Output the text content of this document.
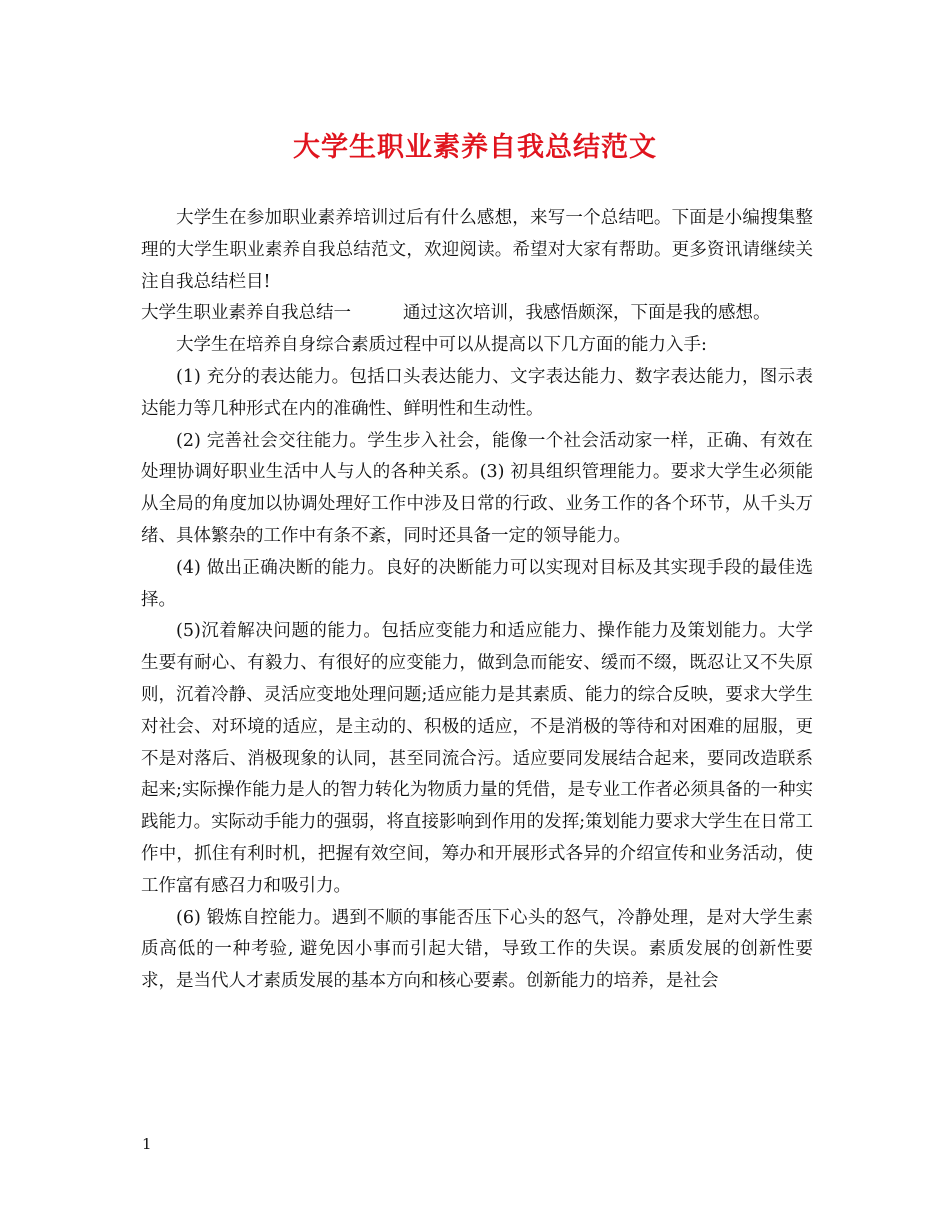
大学生职业素养自我总结范文

大学生在参加职业素养培训过后有什么感想，来写一个总结吧。下面是小编搜集整理的大学生职业素养自我总结范文，欢迎阅读。希望对大家有帮助。更多资讯请继续关注自我总结栏目!

大学生职业素养自我总结一	通过这次培训，我感悟颇深，下面是我的感想。

大学生在培养自身综合素质过程中可以从提高以下几方面的能力入手:

(1) 充分的表达能力。包括口头表达能力、文字表达能力、数字表达能力，图示表达能力等几种形式在内的准确性、鲜明性和生动性。

(2) 完善社会交往能力。学生步入社会，能像一个社会活动家一样，正确、有效在处理协调好职业生活中人与人的各种关系。(3) 初具组织管理能力。要求大学生必须能从全局的角度加以协调处理好工作中涉及日常的行政、业务工作的各个环节，从千头万绪、具体繁杂的工作中有条不紊，同时还具备一定的领导能力。

(4) 做出正确决断的能力。良好的决断能力可以实现对目标及其实现手段的最佳选择。

(5)沉着解决问题的能力。包括应变能力和适应能力、操作能力及策划能力。大学生要有耐心、有毅力、有很好的应变能力，做到急而能安、缓而不缀，既忍让又不失原则，沉着冷静、灵活应变地处理问题;适应能力是其素质、能力的综合反映，要求大学生对社会、对环境的适应，是主动的、积极的适应，不是消极的等待和对困难的屈服，更不是对落后、消极现象的认同，甚至同流合污。适应要同发展结合起来，要同改造联系起来;实际操作能力是人的智力转化为物质力量的凭借，是专业工作者必须具备的一种实践能力。实际动手能力的强弱，将直接影响到作用的发挥;策划能力要求大学生在日常工作中，抓住有利时机，把握有效空间，筹办和开展形式各异的介绍宣传和业务活动，使工作富有感召力和吸引力。

(6) 锻炼自控能力。遇到不顺的事能否压下心头的怒气，冷静处理，是对大学生素质高低的一种考验, 避免因小事而引起大错，导致工作的失误。素质发展的创新性要求，是当代人才素质发展的基本方向和核心要素。创新能力的培养，是社会

1
